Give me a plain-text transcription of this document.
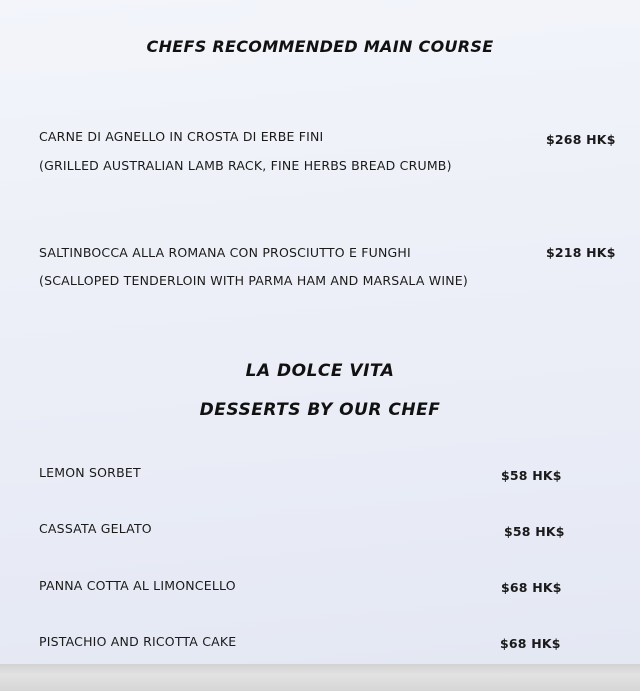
CHEFS RECOMMENDED MAIN COURSE
CARNE DI AGNELLO IN CROSTA DI ERBE FINI
(GRILLED AUSTRALIAN LAMB RACK, FINE HERBS BREAD CRUMB)
$268 HK$
SALTINBOCCA ALLA ROMANA CON PROSCIUTTO E FUNGHI
(SCALLOPED TENDERLOIN WITH PARMA HAM AND MARSALA WINE)
$218 HK$
LA DOLCE VITA
DESSERTS BY OUR CHEF
LEMON SORBET	$58 HK$
CASSATA GELATO	$58 HK$
PANNA COTTA AL LIMONCELLO	$68 HK$
PISTACHIO AND RICOTTA CAKE	$68 HK$
